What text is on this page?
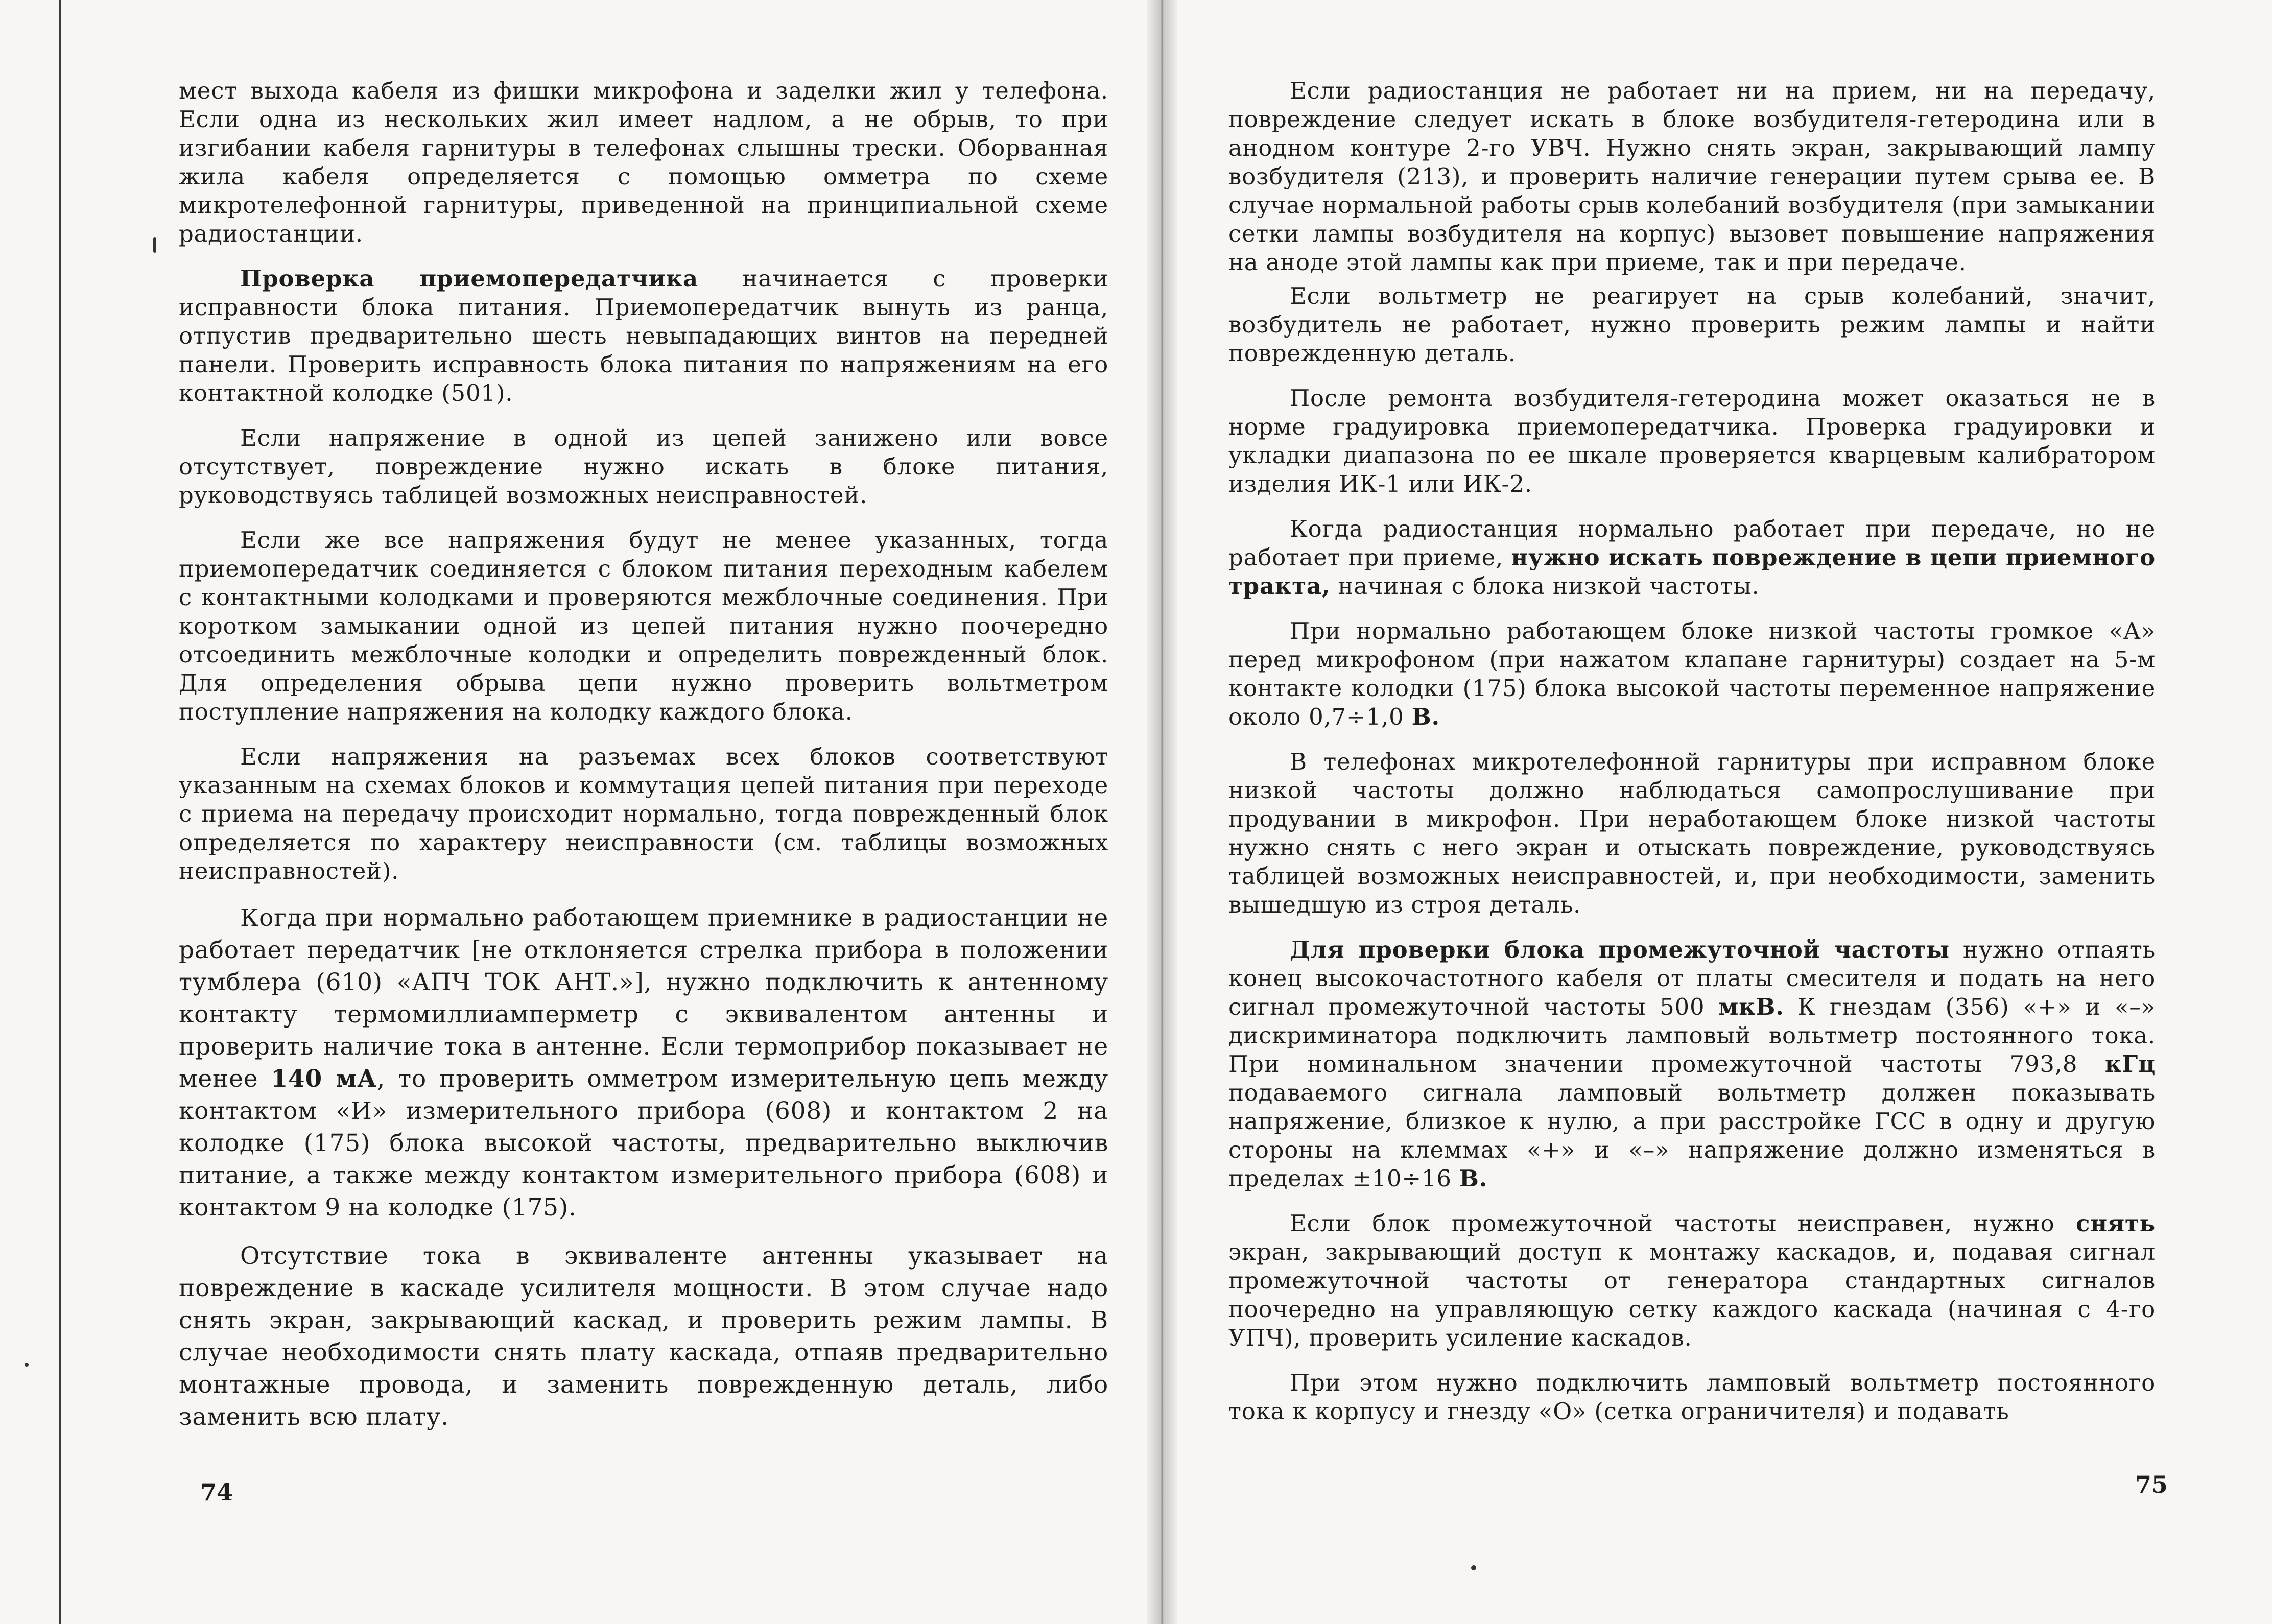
мест выхода кабеля из фишки микрофона и заделки жил у телефона. Если одна из нескольких жил имеет надлом, а не обрыв, то при изгибании кабеля гарнитуры в телефонах слышны трески. Оборванная жила кабеля определяется с помощью омметра по схеме микротелефонной гарнитуры, приведенной на принципиальной схеме радиостанции.

Проверка приемопередатчика начинается с проверки исправности блока питания. Приемопередатчик вынуть из ранца, отпустив предварительно шесть невыпадающих винтов на передней панели. Проверить исправность блока питания по напряжениям на его контактной колодке (501).

Если напряжение в одной из цепей занижено или вовсе отсутствует, повреждение нужно искать в блоке питания, руководствуясь таблицей возможных неисправностей.

Если же все напряжения будут не менее указанных, тогда приемопередатчик соединяется с блоком питания переходным кабелем с контактными колодками и проверяются межблочные соединения. При коротком замыкании одной из цепей питания нужно поочередно отсоединить межблочные колодки и определить поврежденный блок. Для определения обрыва цепи нужно проверить вольтметром поступление напряжения на колодку каждого блока.

Если напряжения на разъемах всех блоков соответствуют указанным на схемах блоков и коммутация цепей питания при переходе с приема на передачу происходит нормально, тогда поврежденный блок определяется по характеру неисправности (см. таблицы возможных неисправностей).

Когда при нормально работающем приемнике в радиостанции не работает передатчик [не отклоняется стрелка прибора в положении тумблера (610) «АПЧ ТОК АНТ.»], нужно подключить к антенному контакту термомиллиамперметр с эквивалентом антенны и проверить наличие тока в антенне. Если термоприбор показывает не менее 140 мА, то проверить омметром измерительную цепь между контактом «И» измерительного прибора (608) и контактом 2 на колодке (175) блока высокой частоты, предварительно выключив питание, а также между контактом измерительного прибора (608) и контактом 9 на колодке (175).

Отсутствие тока в эквиваленте антенны указывает на повреждение в каскаде усилителя мощности. В этом случае надо снять экран, закрывающий каскад, и проверить режим лампы. В случае необходимости снять плату каскада, отпаяв предварительно монтажные провода, и заменить поврежденную деталь, либо заменить всю плату.

74

Если радиостанция не работает ни на прием, ни на передачу, повреждение следует искать в блоке возбудителя-гетеродина или в анодном контуре 2-го УВЧ. Нужно снять экран, закрывающий лампу возбудителя (213), и проверить наличие генерации путем срыва ее. В случае нормальной работы срыв колебаний возбудителя (при замыкании сетки лампы возбудителя на корпус) вызовет повышение напряжения на аноде этой лампы как при приеме, так и при передаче.

Если вольтметр не реагирует на срыв колебаний, значит, возбудитель не работает, нужно проверить режим лампы и найти поврежденную деталь.

После ремонта возбудителя-гетеродина может оказаться не в норме градуировка приемопередатчика. Проверка градуировки и укладки диапазона по ее шкале проверяется кварцевым калибратором изделия ИК-1 или ИК-2.

Когда радиостанция нормально работает при передаче, но не работает при приеме, нужно искать повреждение в цепи приемного тракта, начиная с блока низкой частоты.

При нормально работающем блоке низкой частоты громкое «А» перед микрофоном (при нажатом клапане гарнитуры) создает на 5-м контакте колодки (175) блока высокой частоты переменное напряжение около 0,7÷1,0 В.

В телефонах микротелефонной гарнитуры при исправном блоке низкой частоты должно наблюдаться самопрослушивание при продувании в микрофон. При неработающем блоке низкой частоты нужно снять с него экран и отыскать повреждение, руководствуясь таблицей возможных неисправностей, и, при необходимости, заменить вышедшую из строя деталь.

Для проверки блока промежуточной частоты нужно отпаять конец высокочастотного кабеля от платы смесителя и подать на него сигнал промежуточной частоты 500 мкВ. К гнездам (356) «+» и «–» дискриминатора подключить ламповый вольтметр постоянного тока. При номинальном значении промежуточной частоты 793,8 кГц подаваемого сигнала ламповый вольтметр должен показывать напряжение, близкое к нулю, а при расстройке ГСС в одну и другую стороны на клеммах «+» и «–» напряжение должно изменяться в пределах ±10÷16 В.

Если блок промежуточной частоты неисправен, нужно снять экран, закрывающий доступ к монтажу каскадов, и, подавая сигнал промежуточной частоты от генератора стандартных сигналов поочередно на управляющую сетку каждого каскада (начиная с 4-го УПЧ), проверить усиление каскадов.

При этом нужно подключить ламповый вольтметр постоянного тока к корпусу и гнезду «О» (сетка ограничителя) и подавать

75
